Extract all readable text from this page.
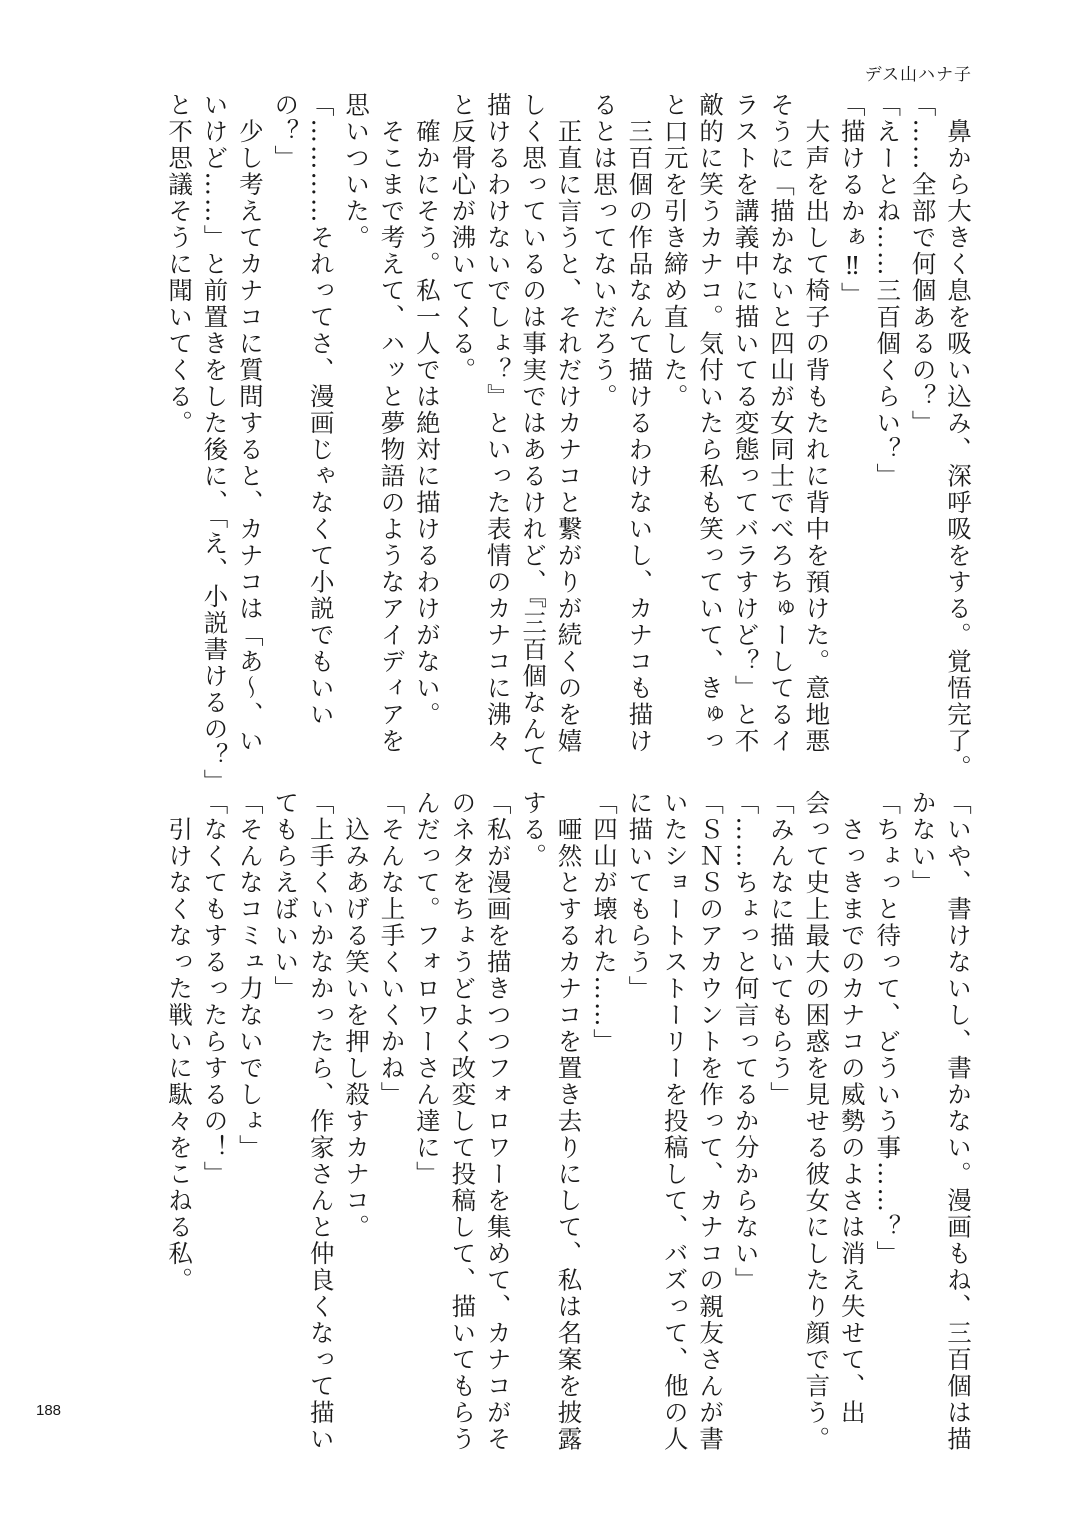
デス山ハナ子
　鼻から大きく息を吸い込み、深呼吸をする。覚悟完了。
「……全部で何個あるの？」
「えーとね……三百個くらい？」
「描けるかぁ‼」
　大声を出して椅子の背もたれに背中を預けた。意地悪
そうに「描かないと四山が女同士でべろちゅーしてるイ
ラストを講義中に描いてる変態ってバラすけど？」と不
敵的に笑うカナコ。気付いたら私も笑っていて、きゅっ
と口元を引き締め直した。
　三百個の作品なんて描けるわけないし、カナコも描け
るとは思ってないだろう。
　正直に言うと、それだけカナコと繋がりが続くのを嬉
しく思っているのは事実ではあるけれど、『三百個なんて
描けるわけないでしょ？』といった表情のカナコに沸々
と反骨心が沸いてくる。
　確かにそう。私一人では絶対に描けるわけがない。
　そこまで考えて、ハッと夢物語のようなアイディアを
思いついた。
「…………それってさ、漫画じゃなくて小説でもいい
の？」
　少し考えてカナコに質問すると、カナコは「あ〜、い
いけど……」と前置きをした後に、「え、小説書けるの？」
と不思議そうに聞いてくる。
「いや、書けないし、書かない。漫画もね、三百個は描
かない」
「ちょっと待って、どういう事……？」
　さっきまでのカナコの威勢のよさは消え失せて、出
会って史上最大の困惑を見せる彼女にしたり顔で言う。
「みんなに描いてもらう」
「……ちょっと何言ってるか分からない」
「ＳＮＳのアカウントを作って、カナコの親友さんが書
いたショートストーリーを投稿して、バズって、他の人
に描いてもらう」
「四山が壊れた……」
　唖然とするカナコを置き去りにして、私は名案を披露
する。
「私が漫画を描きつつフォロワーを集めて、カナコがそ
のネタをちょうどよく改変して投稿して、描いてもらう
んだって。フォロワーさん達に」
「そんな上手くいくかね」
　込みあげる笑いを押し殺すカナコ。
「上手くいかなかったら、作家さんと仲良くなって描い
てもらえばいい」
「そんなコミュ力ないでしょ」
「なくてもするったらするの！」
　引けなくなった戦いに駄々をこねる私。
188
